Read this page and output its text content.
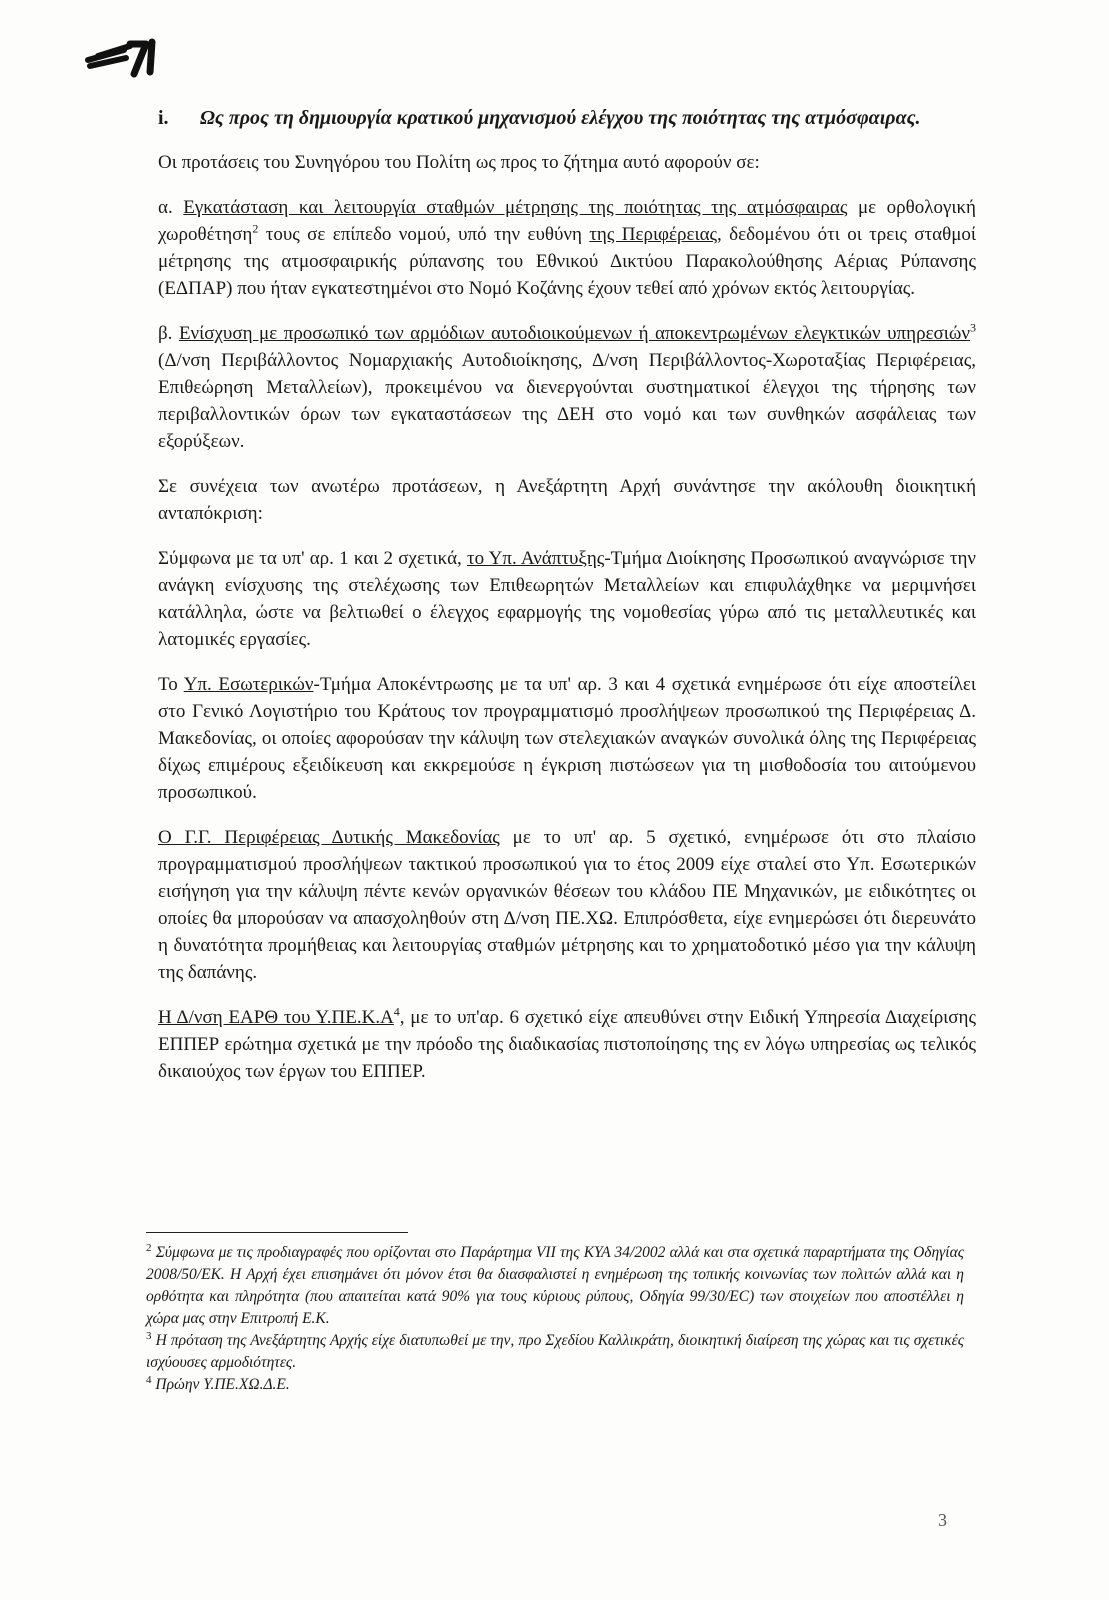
i.	Ως προς τη δημιουργία κρατικού μηχανισμού ελέγχου της ποιότητας της ατμόσφαιρας.

Οι προτάσεις του Συνηγόρου του Πολίτη ως προς το ζήτημα αυτό αφορούν σε:

α. Εγκατάσταση και λειτουργία σταθμών μέτρησης της ποιότητας της ατμόσφαιρας με ορθολογική χωροθέτηση$^2$ τους σε επίπεδο νομού, υπό την ευθύνη της Περιφέρειας, δεδομένου ότι οι τρεις σταθμοί μέτρησης της ατμοσφαιρικής ρύπανσης του Εθνικού Δικτύου Παρακολούθησης Αέριας Ρύπανσης (ΕΔΠΑΡ) που ήταν εγκατεστημένοι στο Νομό Κοζάνης έχουν τεθεί από χρόνων εκτός λειτουργίας.

β. Ενίσχυση με προσωπικό των αρμόδιων αυτοδιοικούμενων ή αποκεντρωμένων ελεγκτικών υπηρεσιών$^3$ (Δ/νση Περιβάλλοντος Νομαρχιακής Αυτοδιοίκησης, Δ/νση Περιβάλλοντος-Χωροταξίας Περιφέρειας, Επιθεώρηση Μεταλλείων), προκειμένου να διενεργούνται συστηματικοί έλεγχοι της τήρησης των περιβαλλοντικών όρων των εγκαταστάσεων της ΔΕΗ στο νομό και των συνθηκών ασφάλειας των εξορύξεων.

Σε συνέχεια των ανωτέρω προτάσεων, η Ανεξάρτητη Αρχή συνάντησε την ακόλουθη διοικητική ανταπόκριση:

Σύμφωνα με τα υπ' αρ. 1 και 2 σχετικά, το Υπ. Ανάπτυξης-Τμήμα Διοίκησης Προσωπικού αναγνώρισε την ανάγκη ενίσχυσης της στελέχωσης των Επιθεωρητών Μεταλλείων και επιφυλάχθηκε να μεριμνήσει κατάλληλα, ώστε να βελτιωθεί ο έλεγχος εφαρμογής της νομοθεσίας γύρω από τις μεταλλευτικές και λατομικές εργασίες.

Το Υπ. Εσωτερικών-Τμήμα Αποκέντρωσης με τα υπ' αρ. 3 και 4 σχετικά ενημέρωσε ότι είχε αποστείλει στο Γενικό Λογιστήριο του Κράτους τον προγραμματισμό προσλήψεων προσωπικού της Περιφέρειας Δ. Μακεδονίας, οι οποίες αφορούσαν την κάλυψη των στελεχιακών αναγκών συνολικά όλης της Περιφέρειας δίχως επιμέρους εξειδίκευση και εκκρεμούσε η έγκριση πιστώσεων για τη μισθοδοσία του αιτούμενου προσωπικού.

Ο Γ.Γ. Περιφέρειας Δυτικής Μακεδονίας με το υπ' αρ. 5 σχετικό, ενημέρωσε ότι στο πλαίσιο προγραμματισμού προσλήψεων τακτικού προσωπικού για το έτος 2009 είχε σταλεί στο Υπ. Εσωτερικών εισήγηση για την κάλυψη πέντε κενών οργανικών θέσεων του κλάδου ΠΕ Μηχανικών, με ειδικότητες οι οποίες θα μπορούσαν να απασχοληθούν στη Δ/νση ΠΕ.ΧΩ. Επιπρόσθετα, είχε ενημερώσει ότι διερευνάτο η δυνατότητα προμήθειας και λειτουργίας σταθμών μέτρησης και το χρηματοδοτικό μέσο για την κάλυψη της δαπάνης.

Η Δ/νση ΕΑΡΘ του $\Upsilon.\Pi E.K.A^4$, με το υπ'αρ. 6 σχετικό είχε απευθύνει στην Ειδική Υπηρεσία Διαχείρισης ΕΠΠΕΡ ερώτημα σχετικά με την πρόοδο της διαδικασίας πιστοποίησης της εν λόγω υπηρεσίας ως τελικός δικαιούχος των έργων του ΕΠΠΕΡ.

$^2$ Σύμφωνα με τις προδιαγραφές που ορίζονται στο Παράρτημα VII της ΚΥΑ 34/2002 αλλά και στα σχετικά παραρτήματα της Οδηγίας 2008/50/ΕΚ. Η Αρχή έχει επισημάνει ότι μόνον έτσι θα διασφαλιστεί η ενημέρωση της τοπικής κοινωνίας των πολιτών αλλά και η ορθότητα και πληρότητα (που απαιτείται κατά 90% για τους κύριους ρύπους, Οδηγία 99/30/ΕC) των στοιχείων που αποστέλλει η χώρα μας στην Επιτροπή Ε.Κ.
$^3$ Η πρόταση της Ανεξάρτητης Αρχής είχε διατυπωθεί με την, προ Σχεδίου Καλλικράτη, διοικητική διαίρεση της χώρας και τις σχετικές ισχύουσες αρμοδιότητες.
$^4$ Πρώην Υ.ΠΕ.ΧΩ.Δ.Ε.
3
